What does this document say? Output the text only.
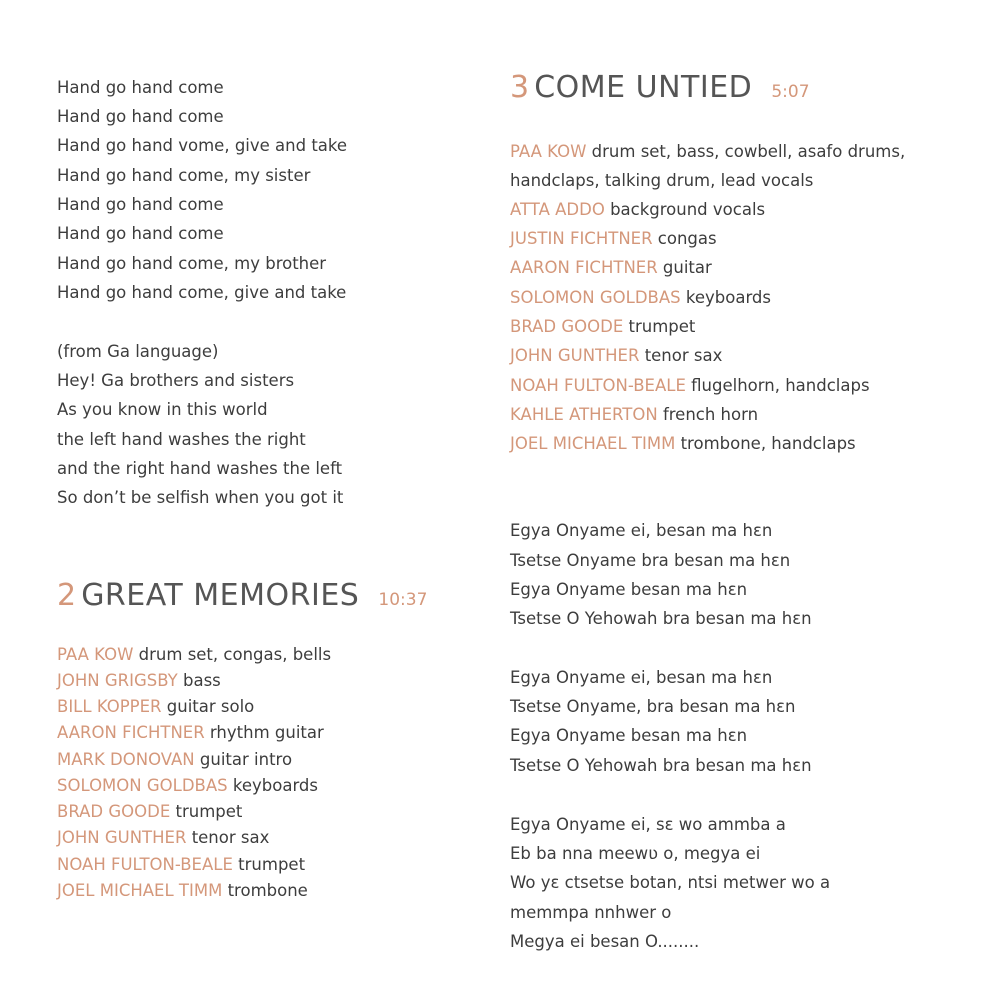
Hand go hand come
Hand go hand come
Hand go hand vome, give and take
Hand go hand come, my sister
Hand go hand come
Hand go hand come
Hand go hand come, my brother
Hand go hand come, give and take
(from Ga language)
Hey! Ga brothers and sisters
As you know in this world
the left hand washes the right
and the right hand washes the left
So don’t be selfish when you got it
2 GREAT MEMORIES 10:37
PAA KOW drum set, congas, bells
JOHN GRIGSBY bass
BILL KOPPER guitar solo
AARON FICHTNER rhythm guitar
MARK DONOVAN guitar intro
SOLOMON GOLDBAS keyboards
BRAD GOODE trumpet
JOHN GUNTHER tenor sax
NOAH FULTON-BEALE trumpet
JOEL MICHAEL TIMM trombone
3 COME UNTIED 5:07
PAA KOW drum set, bass, cowbell, asafo drums,
handclaps, talking drum, lead vocals
ATTA ADDO background vocals
JUSTIN FICHTNER congas
AARON FICHTNER guitar
SOLOMON GOLDBAS keyboards
BRAD GOODE trumpet
JOHN GUNTHER tenor sax
NOAH FULTON-BEALE flugelhorn, handclaps
KAHLE ATHERTON french horn
JOEL MICHAEL TIMM trombone, handclaps
Egya Onyame ei, besan ma hɛn
Tsetse Onyame bra besan ma hɛn
Egya Onyame besan ma hɛn
Tsetse O Yehowah bra besan ma hɛn
Egya Onyame ei, besan ma hɛn
Tsetse Onyame, bra besan ma hɛn
Egya Onyame besan ma hɛn
Tsetse O Yehowah bra besan ma hɛn
Egya Onyame ei, sɛ wo ammba a
Eb ba nna meewʋ o, megya ei
Wo yɛ ctsetse botan, ntsi metwer wo a
memmpa nnhwer o
Megya ei besan O........
